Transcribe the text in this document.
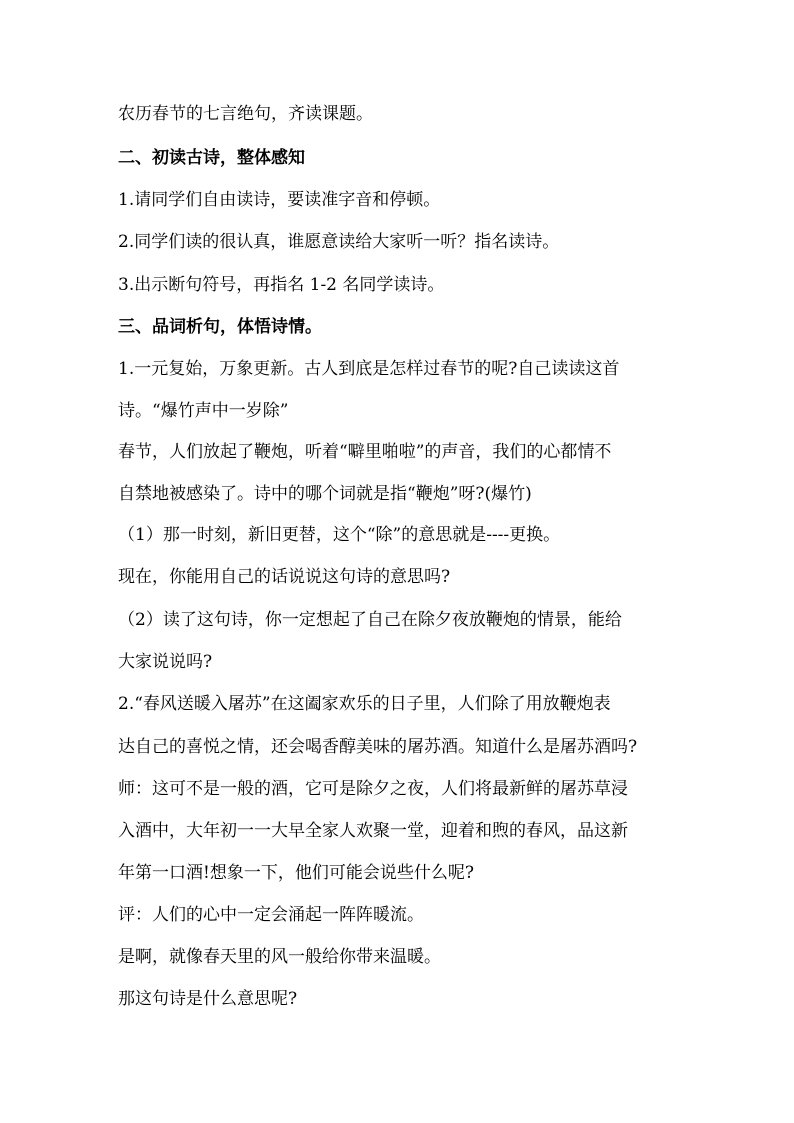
农历春节的七言绝句，齐读课题。

二、初读古诗，整体感知

1.请同学们自由读诗，要读准字音和停顿。

2.同学们读的很认真，谁愿意读给大家听一听？指名读诗。

3.出示断句符号，再指名 1-2 名同学读诗。

三、品词析句，体悟诗情。

1.一元复始，万象更新。古人到底是怎样过春节的呢?自己读读这首

诗。“爆竹声中一岁除”

春节，人们放起了鞭炮，听着“噼里啪啦”的声音，我们的心都情不

自禁地被感染了。诗中的哪个词就是指“鞭炮”呀?(爆竹)

（1）那一时刻，新旧更替，这个“除”的意思就是----更换。

现在，你能用自己的话说说这句诗的意思吗?

（2）读了这句诗，你一定想起了自己在除夕夜放鞭炮的情景，能给

大家说说吗?

2.“春风送暖入屠苏”在这阖家欢乐的日子里，人们除了用放鞭炮表

达自己的喜悦之情，还会喝香醇美味的屠苏酒。知道什么是屠苏酒吗?

师：这可不是一般的酒，它可是除夕之夜，人们将最新鲜的屠苏草浸

入酒中，大年初一一大早全家人欢聚一堂，迎着和煦的春风，品这新

年第一口酒!想象一下，他们可能会说些什么呢?

评：人们的心中一定会涌起一阵阵暖流。

是啊，就像春天里的风一般给你带来温暖。

那这句诗是什么意思呢?
